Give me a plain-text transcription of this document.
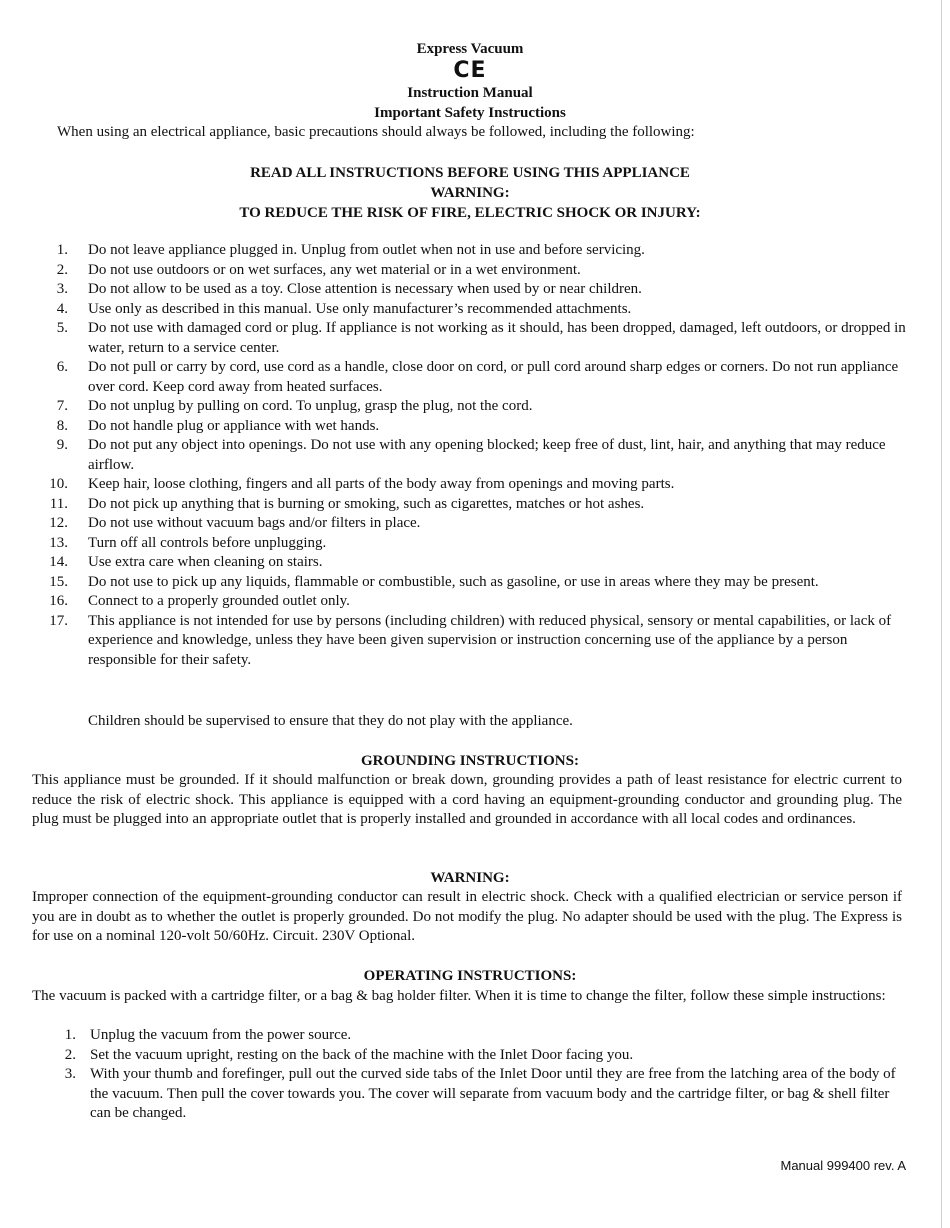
Express Vacuum
CE
Instruction Manual
Important Safety Instructions
When using an electrical appliance, basic precautions should always be followed, including the following:
READ ALL INSTRUCTIONS BEFORE USING THIS APPLIANCE
WARNING:
TO REDUCE THE RISK OF FIRE, ELECTRIC SHOCK OR INJURY:
1. Do not leave appliance plugged in. Unplug from outlet when not in use and before servicing.
2. Do not use outdoors or on wet surfaces, any wet material or in a wet environment.
3. Do not allow to be used as a toy. Close attention is necessary when used by or near children.
4. Use only as described in this manual. Use only manufacturer’s recommended attachments.
5. Do not use with damaged cord or plug. If appliance is not working as it should, has been dropped, damaged, left outdoors, or dropped in water, return to a service center.
6. Do not pull or carry by cord, use cord as a handle, close door on cord, or pull cord around sharp edges or corners. Do not run appliance over cord. Keep cord away from heated surfaces.
7. Do not unplug by pulling on cord. To unplug, grasp the plug, not the cord.
8. Do not handle plug or appliance with wet hands.
9. Do not put any object into openings. Do not use with any opening blocked; keep free of dust, lint, hair, and anything that may reduce airflow.
10. Keep hair, loose clothing, fingers and all parts of the body away from openings and moving parts.
11. Do not pick up anything that is burning or smoking, such as cigarettes, matches or hot ashes.
12. Do not use without vacuum bags and/or filters in place.
13. Turn off all controls before unplugging.
14. Use extra care when cleaning on stairs.
15. Do not use to pick up any liquids, flammable or combustible, such as gasoline, or use in areas where they may be present.
16. Connect to a properly grounded outlet only.
17. This appliance is not intended for use by persons (including children) with reduced physical, sensory or mental capabilities, or lack of experience and knowledge, unless they have been given supervision or instruction concerning use of the appliance by a person responsible for their safety.
Children should be supervised to ensure that they do not play with the appliance.
GROUNDING INSTRUCTIONS:
This appliance must be grounded. If it should malfunction or break down, grounding provides a path of least resistance for electric current to reduce the risk of electric shock. This appliance is equipped with a cord having an equipment-grounding conductor and grounding plug. The plug must be plugged into an appropriate outlet that is properly installed and grounded in accordance with all local codes and ordinances.
WARNING:
Improper connection of the equipment-grounding conductor can result in electric shock. Check with a qualified electrician or service person if you are in doubt as to whether the outlet is properly grounded. Do not modify the plug. No adapter should be used with the plug. The Express is for use on a nominal 120-volt 50/60Hz. Circuit. 230V Optional.
OPERATING INSTRUCTIONS:
The vacuum is packed with a cartridge filter, or a bag & bag holder filter. When it is time to change the filter, follow these simple instructions:
1. Unplug the vacuum from the power source.
2. Set the vacuum upright, resting on the back of the machine with the Inlet Door facing you.
3. With your thumb and forefinger, pull out the curved side tabs of the Inlet Door until they are free from the latching area of the body of the vacuum. Then pull the cover towards you. The cover will separate from vacuum body and the cartridge filter, or bag & shell filter can be changed.
Manual 999400 rev. A
